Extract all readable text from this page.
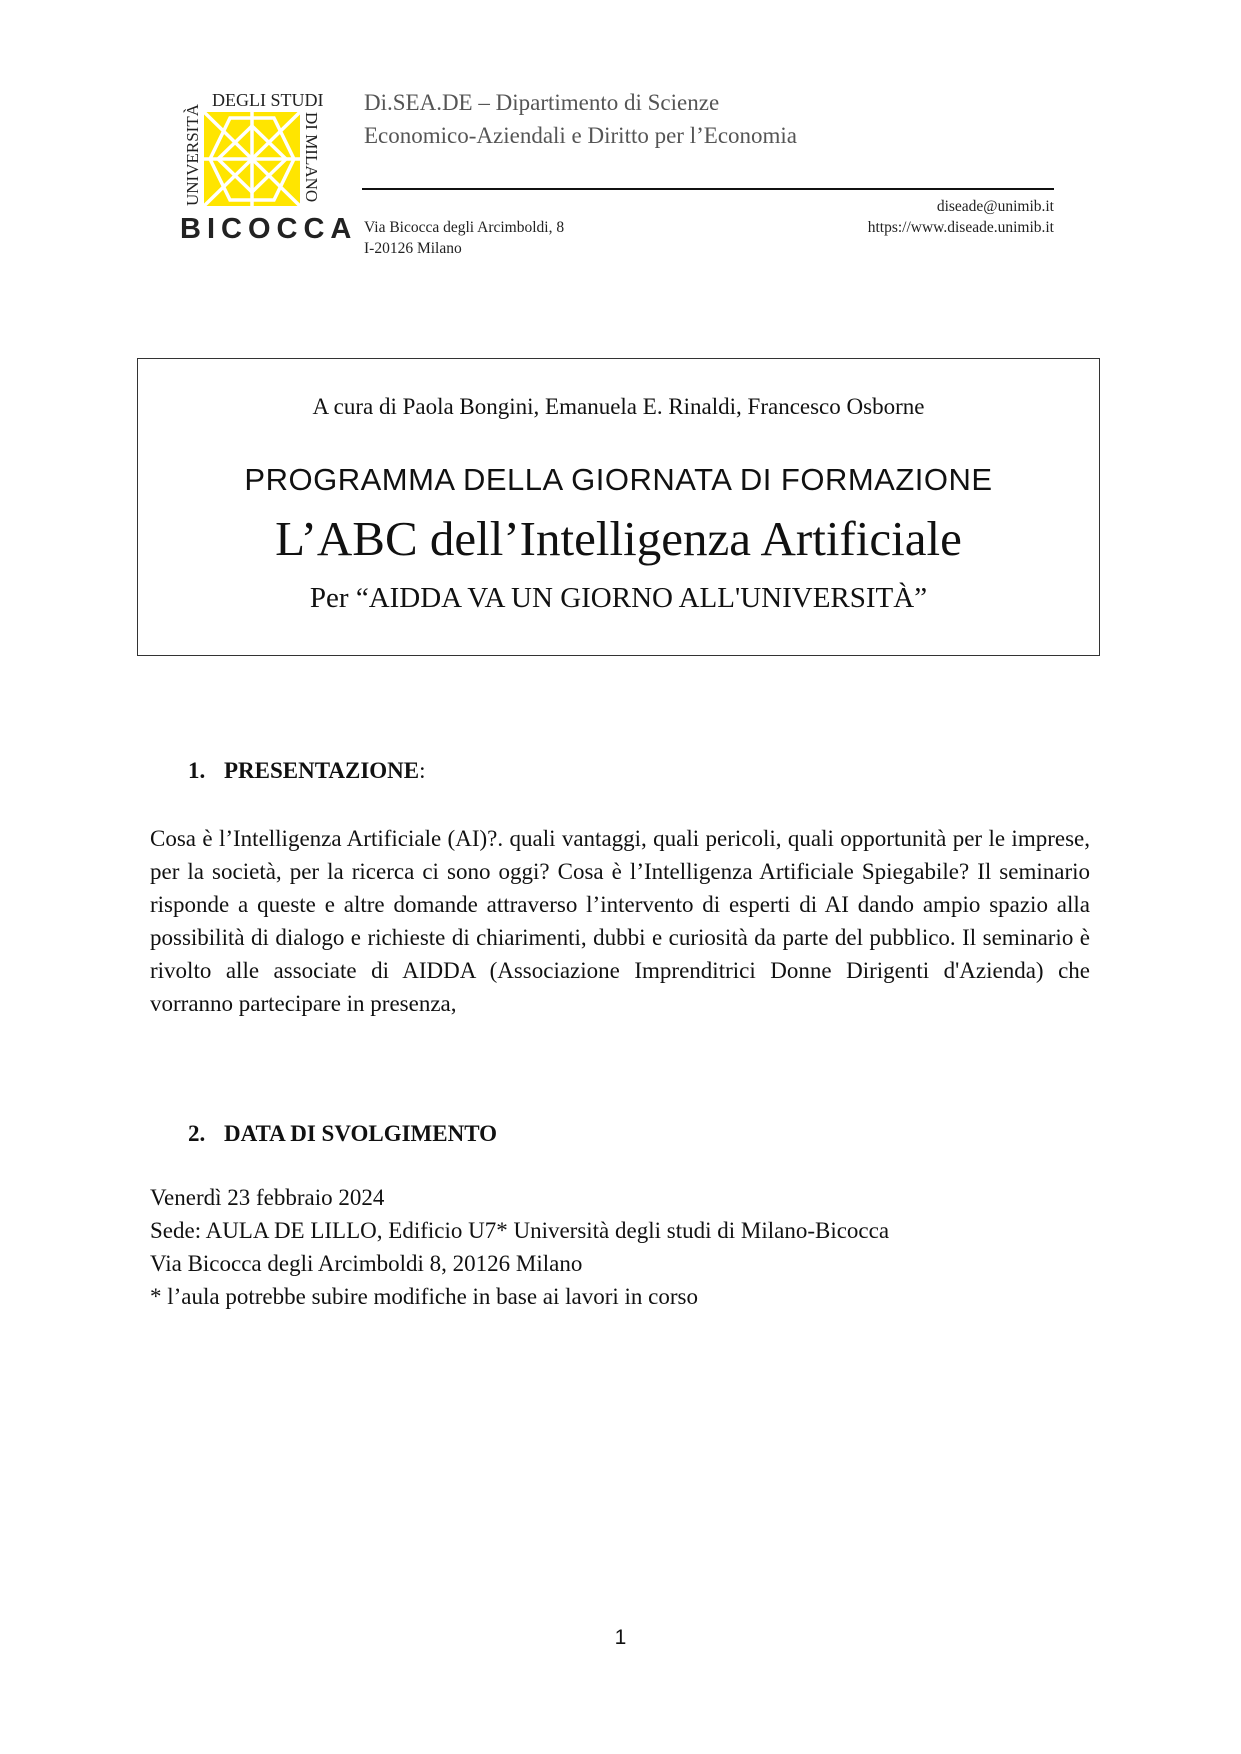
DEGLI STUDI
UNIVERSITÀ	DI MILANO
BICOCCA
Di.SEA.DE – Dipartimento di Scienze
Economico-Aziendali e Diritto per l’Economia
Via Bicocca degli Arcimboldi, 8
I-20126 Milano
diseade@unimib.it
https://www.diseade.unimib.it
A cura di Paola Bongini, Emanuela E. Rinaldi, Francesco Osborne
PROGRAMMA DELLA GIORNATA DI FORMAZIONE
L’ABC dell’Intelligenza Artificiale
Per “AIDDA VA UN GIORNO ALL'UNIVERSITÀ”
1. PRESENTAZIONE:
Cosa è l’Intelligenza Artificiale (AI)?. quali vantaggi, quali pericoli, quali opportunità per le imprese, per la società, per la ricerca ci sono oggi? Cosa è l’Intelligenza Artificiale Spiegabile? Il seminario risponde a queste e altre domande attraverso l’intervento di esperti di AI dando ampio spazio alla possibilità di dialogo e richieste di chiarimenti, dubbi e curiosità da parte del pubblico. Il seminario è rivolto alle associate di AIDDA (Associazione Imprenditrici Donne Dirigenti d'Azienda) che vorranno partecipare in presenza,
2. DATA DI SVOLGIMENTO
Venerdì 23 febbraio 2024
Sede: AULA DE LILLO, Edificio U7* Università degli studi di Milano-Bicocca
Via Bicocca degli Arcimboldi 8, 20126 Milano
* l’aula potrebbe subire modifiche in base ai lavori in corso
1
